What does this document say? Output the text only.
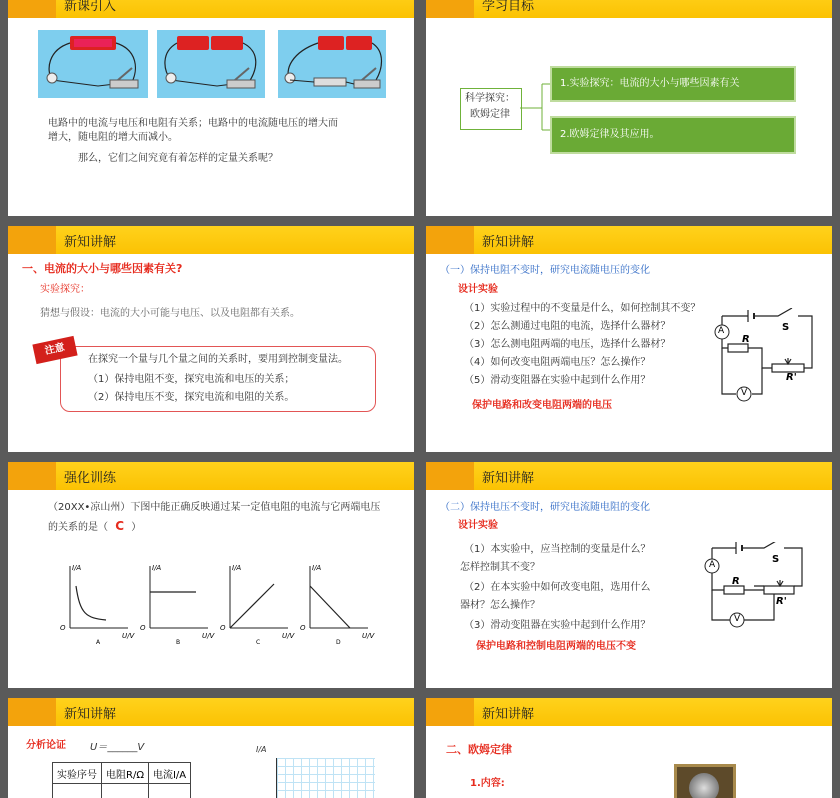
新课引入
电路中的电流与电压和电阻有关系；电路中的电流随电压的增大而
增大，随电阻的增大而减小。
那么，它们之间究竟有着怎样的定量关系呢？
学习目标
科学探究：
欧姆定律
1.实验探究：电流的大小与哪些因素有关
2.欧姆定律及其应用。
新知讲解
一、电流的大小与哪些因素有关?
实验探究：
猜想与假设：电流的大小可能与电压、以及电阻都有关系。
注意
在探究一个量与几个量之间的关系时，要用到控制变量法。
（1）保持电阻不变，探究电流和电压的关系；
（2）保持电压不变，探究电流和电阻的关系。
新知讲解
（一）保持电阻不变时，研究电流随电压的变化
设计实验
（1）实验过程中的不变量是什么，如何控制其不变？
（2）怎么测通过电阻的电流，选择什么器材？
（3）怎么测电阻两端的电压，选择什么器材？
（4）如何改变电阻两端电压？怎么操作？
（5）滑动变阻器在实验中起到什么作用？
保护电路和改变电阻两端的电压
A	S
R
R'
V
强化训练
（20XX•凉山州）下图中能正确反映通过某一定值电阻的电流与它两端电压
的关系的是（ C ）
I/A
U/V
O
A
I/A
U/V
O
B
I/A
U/V
O
C
I/A
U/V
O
D
新知讲解
（二）保持电压不变时，研究电流随电阻的变化
设计实验
（1）本实验中，应当控制的变量是什么？
怎样控制其不变？
（2）在本实验中如何改变电阻，选用什么
器材？怎么操作？
（3）滑动变阻器在实验中起到什么作用？
保护电路和控制电阻两端的电压不变
A	S
R
R'
V
新知讲解
分析论证 U＝______V
实验序号	电阻R/Ω	电流I/A

I/A
新知讲解
二、欧姆定律
1.内容:
